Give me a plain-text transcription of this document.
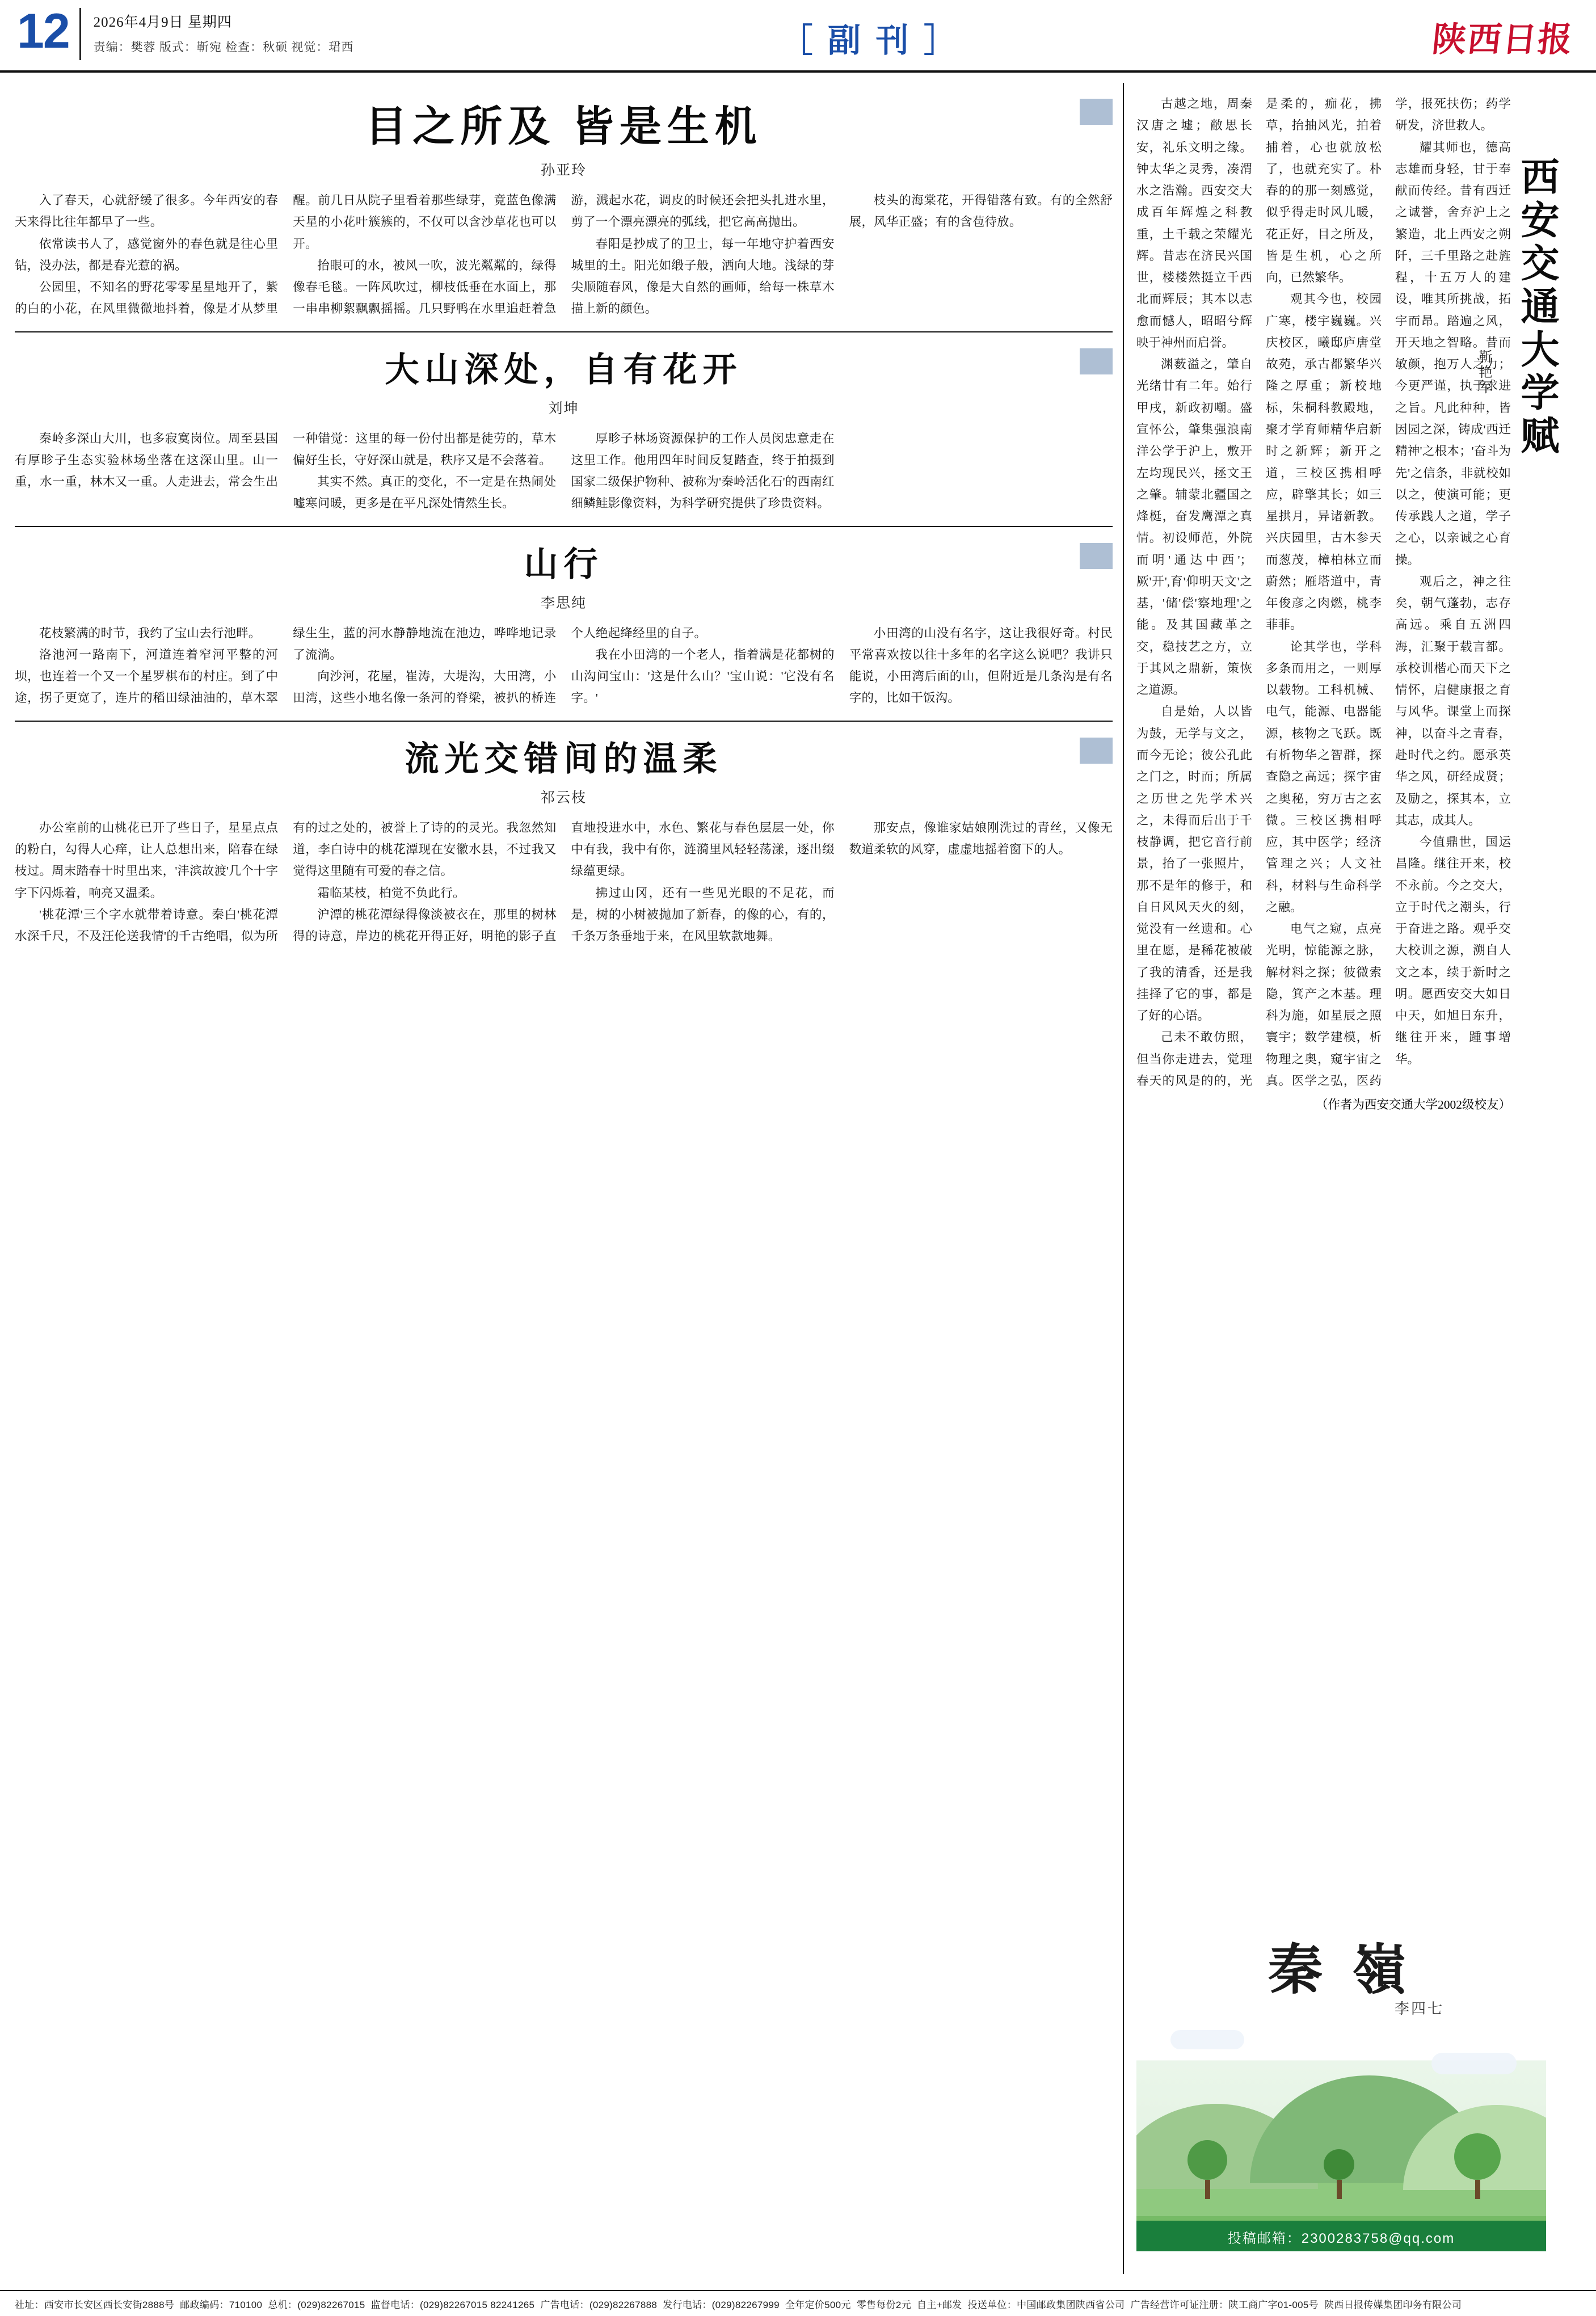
12	2026年4月9日 星期四
责编：樊蓉 版式：靳宛 检查：秋硕 视觉：珺西	［ 副 刊 ］	陕西日报
目之所及 皆是生机
孙亚玲

入了春天，心就舒缓了很多。今年西安的春天来得比往年都早了一些。

依常读书人了，感觉窗外的春色就是往心里钻，没办法，都是春光惹的祸。

公园里，不知名的野花零零星星地开了，紫的白的小花，在风里微微地抖着，像是才从梦里醒。前几日从院子里看着那些绿芽，竟蓝色像满天星的小花叶簇簇的，不仅可以含沙草花也可以开。

抬眼可的水，被风一吹，波光粼粼的，绿得像春毛毯。一阵风吹过，柳枝低垂在水面上，那一串串柳絮飘飘摇摇。几只野鸭在水里追赶着急游，溅起水花，调皮的时候还会把头扎进水里，剪了一个漂亮漂亮的弧线，把它高高抛出。

春阳是抄成了的卫士，每一年地守护着西安城里的土。阳光如缎子般，洒向大地。浅绿的芽尖顺随春风，像是大自然的画师，给每一株草木描上新的颜色。

枝头的海棠花，开得错落有致。有的全然舒展，风华正盛；有的含苞待放。

大山深处，自有花开
刘坤

秦岭多深山大川，也多寂寞岗位。周至县国有厚畛子生态实验林场坐落在这深山里。山一重，水一重，林木又一重。人走进去，常会生出一种错觉：这里的每一份付出都是徒劳的，草木偏好生长，守好深山就是，秩序又是不会落着。

其实不然。真正的变化，不一定是在热闹处嘘寒问暖，更多是在平凡深处情然生长。

厚畛子林场资源保护的工作人员闵忠意走在这里工作。他用四年时间反复踏查，终于拍摄到国家二级保护物种、被称为'秦岭活化石'的西南红细鳞鲑影像资料，为科学研究提供了珍贵资料。

山行
李思纯

花枝繁满的时节，我约了宝山去行池畔。

洛池河一路南下，河道连着窄河平整的河坝，也连着一个又一个星罗棋布的村庄。到了中途，拐子更宽了，连片的稻田绿油油的，草木翠绿生生，蓝的河水静静地流在池边，哗哗地记录了流淌。

向沙河，花屋，崔涛，大堤沟，大田湾，小田湾，这些小地名像一条河的脊梁，被扒的桥连个人绝起绛经里的自子。

我在小田湾的一个老人，指着满是花都树的山沟问宝山：'这是什么山？'宝山说：'它没有名字。'

小田湾的山没有名字，这让我很好奇。村民平常喜欢按以往十多年的名字这么说吧？我讲只能说，小田湾后面的山，但附近是几条沟是有名字的，比如干饭沟。

流光交错间的温柔
祁云枝

办公室前的山桃花已开了些日子，星星点点的粉白，勾得人心痒，让人总想出来，陪春在绿枝过。周末踏春十时里出来，'沣滨故渡'几个十字字下闪烁着，响亮又温柔。

'桃花潭'三个字水就带着诗意。秦白'桃花潭水深千尺，不及汪伦送我情'的千古绝唱，似为所有的过之处的，被誉上了诗的的灵光。我忽然知道，李白诗中的桃花潭现在安徽水县，不过我又觉得这里随有可爱的春之信。

霜临某枝，柏觉不负此行。

沪潭的桃花潭绿得像淡被衣在，那里的树林得的诗意，岸边的桃花开得正好，明艳的影子直直地投进水中，水色、繁花与春色层层一处，你中有我，我中有你，涟漪里风轻轻荡漾，逐出缀绿蕴更绿。

拂过山冈，还有一些见光眼的不足花，而是，树的小树被抛加了新春，的像的心，有的，千条万条垂地于来，在风里软款地舞。

那安点，像谁家姑娘刚洗过的青丝，又像无数道柔软的风穿，虚虚地摇着窗下的人。

西安交通大学赋
靳艳军

古越之地，周秦汉唐之墟；敝思长安，礼乐文明之缘。钟太华之灵秀，凑渭水之浩瀚。西安交大成百年辉煌之科教重，土千载之荣耀光辉。昔志在济民兴国世，楼楼然挺立千西北而辉辰；其本以志愈而憾人，昭昭兮辉映于神州而启誉。

渊薮溢之，肇自光绪廿有二年。始行甲戌，新政初嘲。盛宣怀公，肇集强浪南洋公学于沪上，敷开左均现民兴，拯文王之肇。辅蒙北疆国之烽梃，奋发鹰潭之真情。初设师范，外院而明'通达中西'；厥'开',育'仰明天文'之基，'储'偿'察地理'之能。及其国藏革之交，稳技艺之方，立于其风之鼎新，策恢之道源。

自是始，人以皆为鼓，无学与文之，而今无论；彼公孔此之门之，时而；所属之历世之先学术兴之，未得而后出于千枝静调，把它音行前景，抬了一张照片，那不是年的修于，和自日风风天火的刻，觉没有一丝遗和。心里在愿，是稀花被破了我的清香，还是我挂择了它的事，都是了好的心语。

己未不敢仿照，但当你走进去，觉理春天的风是的的，光是柔的，痂花，拂草，抬抽风光，拍着捕着，心也就放松了，也就充实了。朴春的的那一刻感觉，似乎得走时风儿暖，花正好，目之所及，皆是生机，心之所向，已然繁华。

观其今也，校园广寒，楼宇巍巍。兴庆校区，曦邸庐唐堂故苑，承古都繁华兴隆之厚重；新校地标，朱桐科教殿地，聚才学育师精华启新时之新辉；新开之道，三校区携相呼应，辟擎其长；如三星拱月，异诸新教。兴庆园里，古木参天而葱茂，樟柏林立而蔚然；雁塔道中，青年俊彦之肉燃，桃李菲菲。

论其学也，学科多条而用之，一则厚以载物。工科机械、电气，能源、电器能源，核物之飞跃。既有析物华之智群，探查隐之高远；探宇宙之奥秘，穷万古之玄微。三校区携相呼应，其中医学；经济管理之兴；人文社科，材料与生命科学之融。

电气之窥，点亮光明，惊能源之脉，解材料之探；彼微索隐，箕产之本基。理科为施，如星辰之照寰宇；数学建模，析物理之奥，窥宇宙之真。医学之弘，医药学，报死扶伤；药学研发，济世救人。

耀其师也，德高志雄而身轻，甘于奉献而传经。昔有西迁之诚誉，舍弃沪上之繁造，北上西安之朔阡，三千里路之赴旌程，十五万人的建设，唯其所挑战，拓宇而昂。踏遍之风，开天地之智略。昔而敏颜，抱万人之力；今更严谨，执于求进之旨。凡此种种，皆因园之深，铸成'西迁精神'之根本；'奋斗为先'之信条，非就校如以之，使演可能；更传承践人之道，学子之心，以亲诚之心育操。

观后之，神之往矣，朝气蓬勃，志存高远。乘自五洲四海，汇聚于载言都。承校训楷心而天下之情怀，启健康报之育与风华。课堂上而探神，以奋斗之青春，赴时代之约。愿承英华之风，研经成贤；及励之，探其本，立其志，成其人。

今值鼎世，国运昌隆。继往开来，校不永前。今之交大，立于时代之潮头，行于奋进之路。观乎交大校训之源，溯自人文之本，续于新时之明。愿西安交大如日中天，如旭日东升，继往开来，踵事增华。

（作者为西安交通大学2002级校友）
秦 嶺
李四七
投稿邮箱：2300283758@qq.com
社址：西安市长安区西长安街2888号
邮政编码：710100
总机：(029)82267015
监督电话：(029)82267015 82241265
广告电话：(029)82267888
发行电话：(029)82267999
全年定价500元
零售每份2元
自主+邮发
投送单位：中国邮政集团陕西省公司
广告经营许可证注册：陕工商广字01-005号
陕西日报传媒集团印务有限公司
